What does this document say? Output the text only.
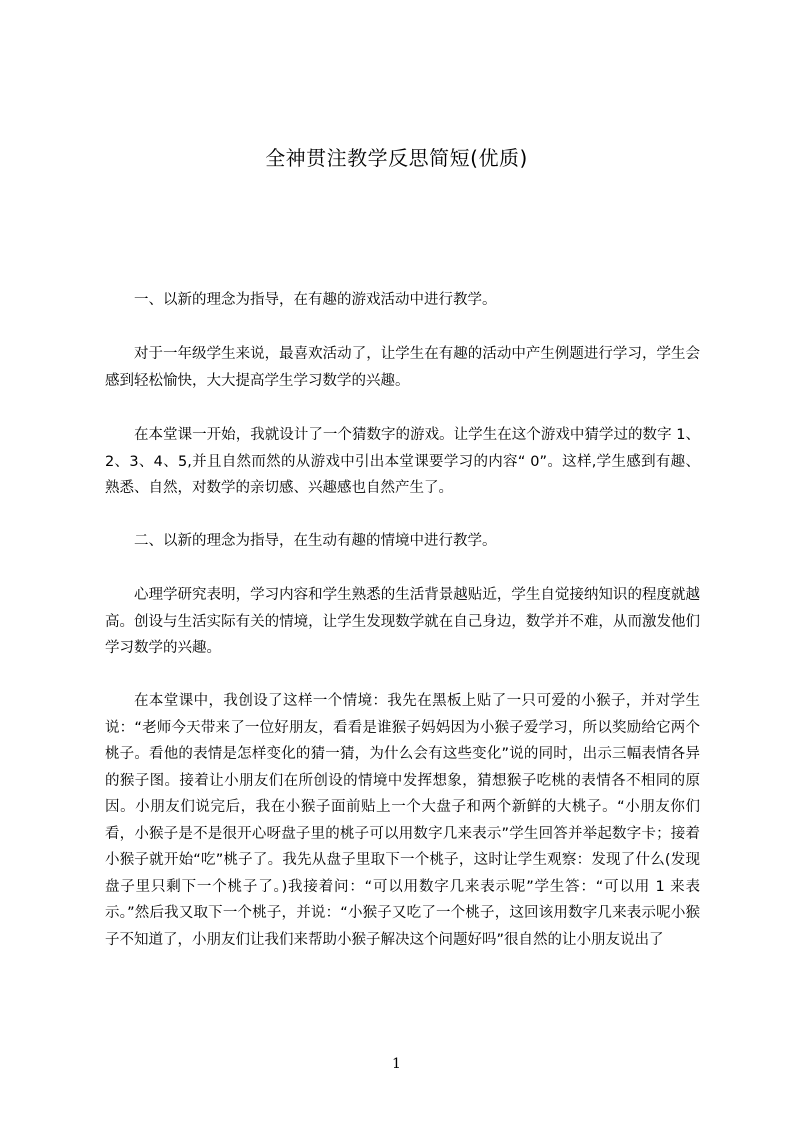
全神贯注教学反思简短(优质)

一、以新的理念为指导，在有趣的游戏活动中进行教学。

对于一年级学生来说，最喜欢活动了，让学生在有趣的活动中产生例题进行学习，学生会感到轻松愉快，大大提高学生学习数学的兴趣。

在本堂课一开始，我就设计了一个猜数字的游戏。让学生在这个游戏中猜学过的数字 1、2、3、4、5,并且自然而然的从游戏中引出本堂课要学习的内容“ 0”。这样,学生感到有趣、熟悉、自然，对数学的亲切感、兴趣感也自然产生了。

二、以新的理念为指导，在生动有趣的情境中进行教学。

心理学研究表明，学习内容和学生熟悉的生活背景越贴近，学生自觉接纳知识的程度就越高。创设与生活实际有关的情境，让学生发现数学就在自己身边，数学并不难，从而激发他们学习数学的兴趣。

在本堂课中，我创设了这样一个情境：我先在黑板上贴了一只可爱的小猴子，并对学生说：“老师今天带来了一位好朋友，看看是谁猴子妈妈因为小猴子爱学习，所以奖励给它两个桃子。看他的表情是怎样变化的猜一猜，为什么会有这些变化”说的同时，出示三幅表情各异的猴子图。接着让小朋友们在所创设的情境中发挥想象，猜想猴子吃桃的表情各不相同的原因。小朋友们说完后，我在小猴子面前贴上一个大盘子和两个新鲜的大桃子。“小朋友你们看，小猴子是不是很开心呀盘子里的桃子可以用数字几来表示”学生回答并举起数字卡；接着小猴子就开始“吃”桃子了。我先从盘子里取下一个桃子，这时让学生观察：发现了什么(发现盘子里只剩下一个桃子了。)我接着问：“可以用数字几来表示呢”学生答：“可以用 1 来表示。”然后我又取下一个桃子，并说：“小猴子又吃了一个桃子，这回该用数字几来表示呢小猴子不知道了，小朋友们让我们来帮助小猴子解决这个问题好吗”很自然的让小朋友说出了

1
